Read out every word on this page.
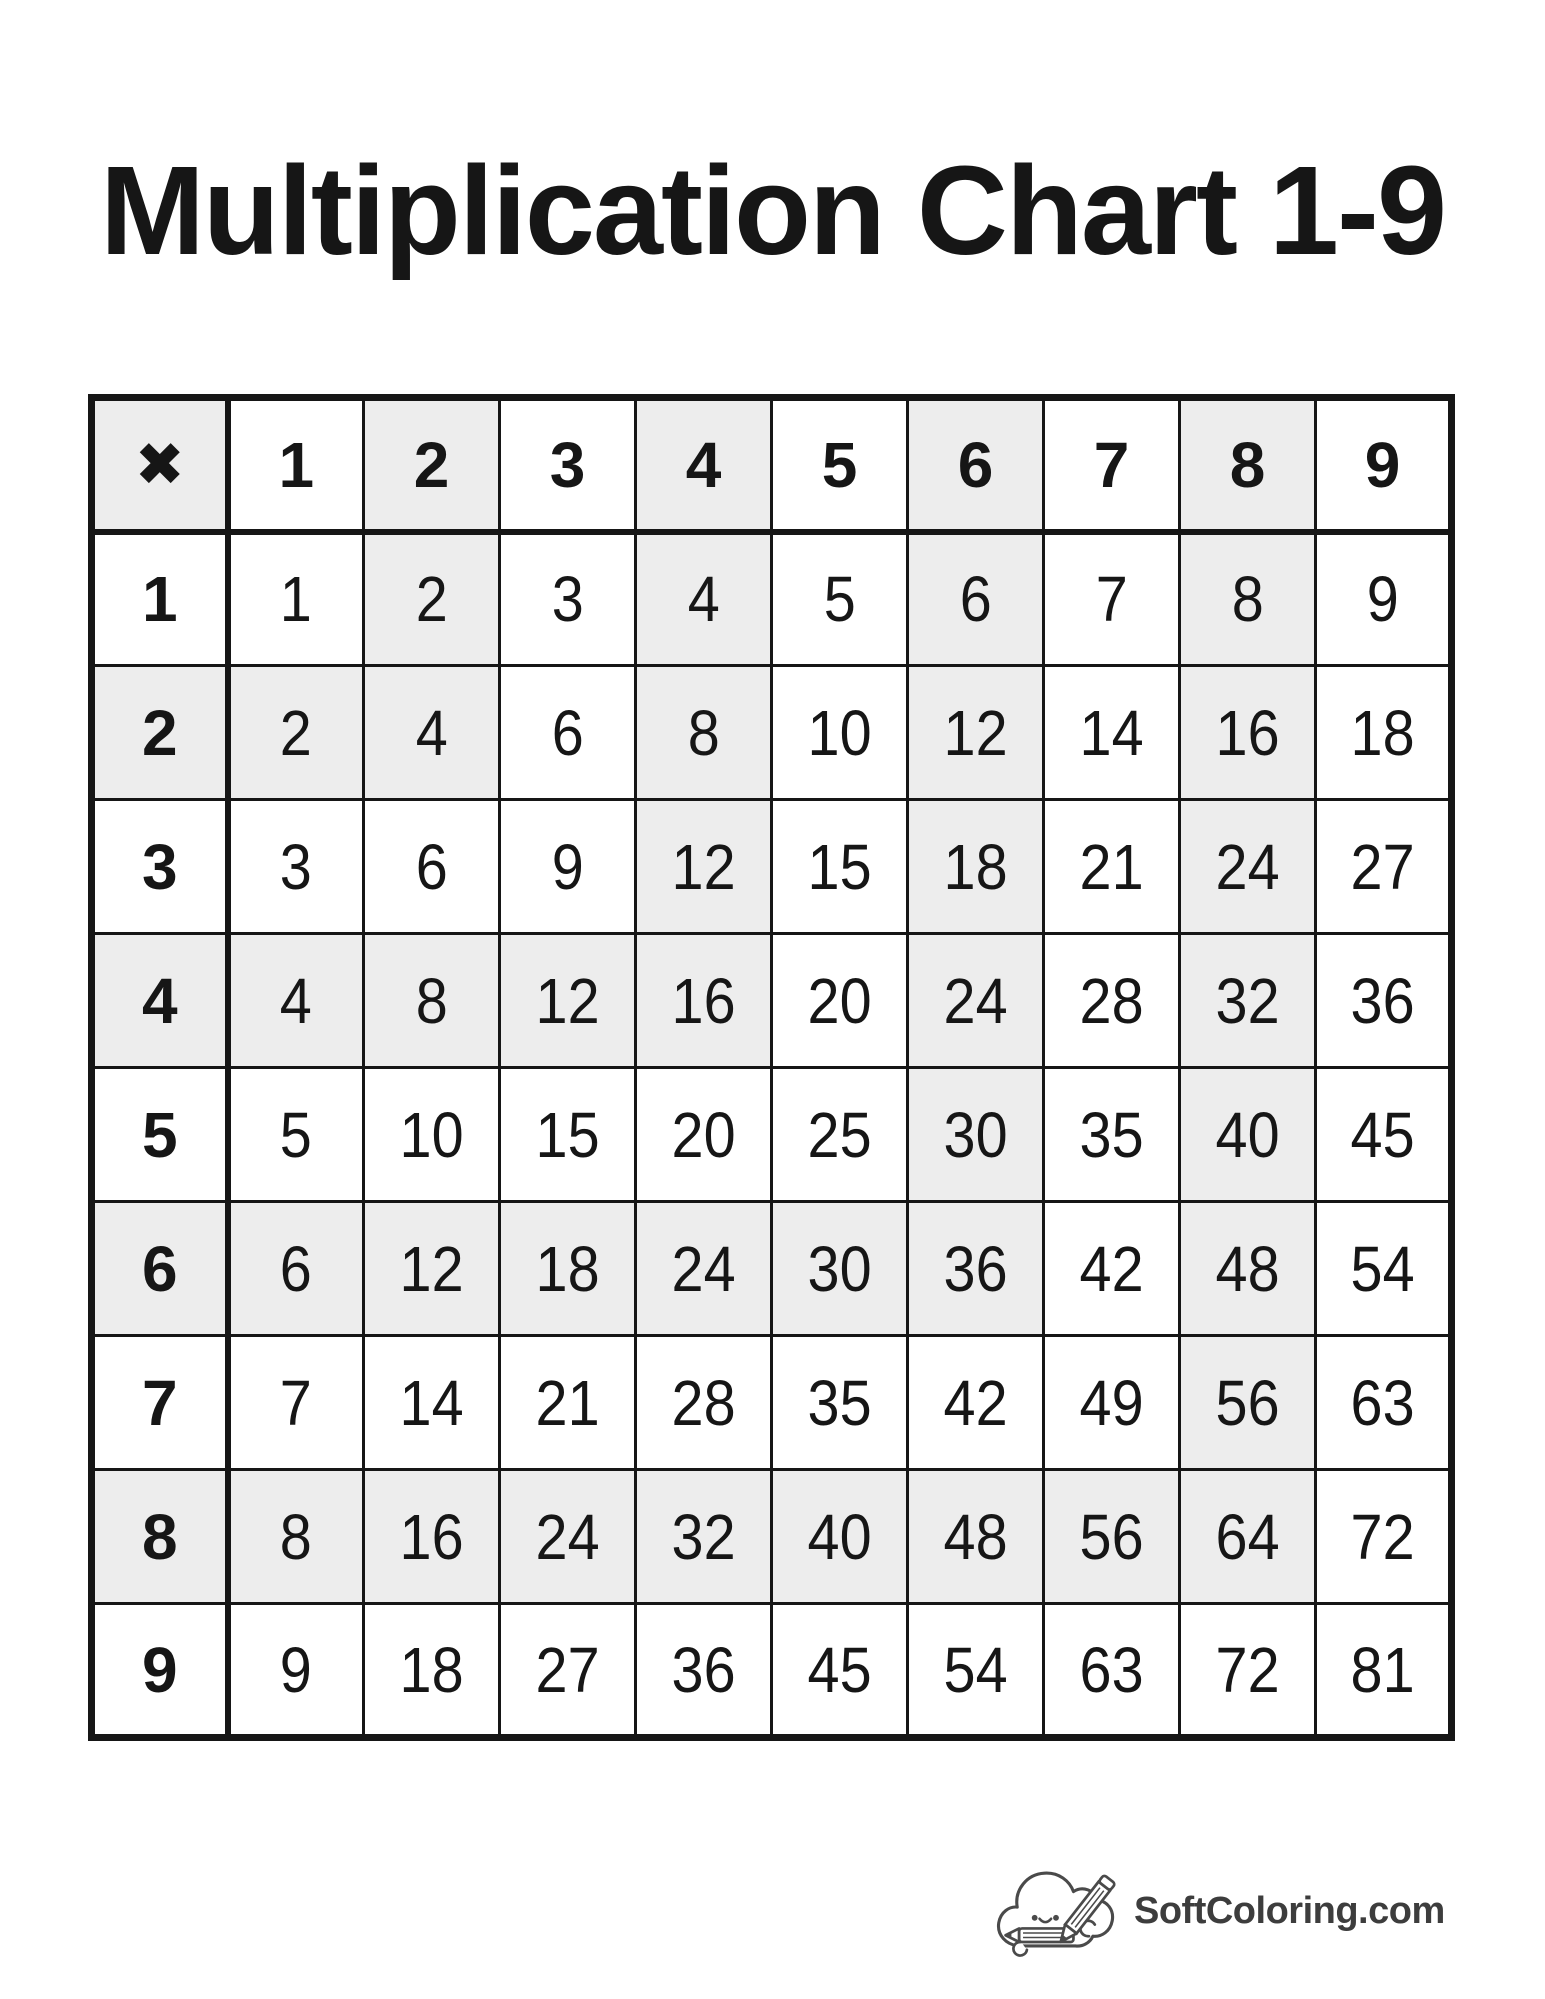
Multiplication Chart 1-9
✖	1	2	3	4	5	6	7	8	9
1	1	2	3	4	5	6	7	8	9
2	2	4	6	8	10	12	14	16	18
3	3	6	9	12	15	18	21	24	27
4	4	8	12	16	20	24	28	32	36
5	5	10	15	20	25	30	35	40	45
6	6	12	18	24	30	36	42	48	54
7	7	14	21	28	35	42	49	56	63
8	8	16	24	32	40	48	56	64	72
9	9	18	27	36	45	54	63	72	81
SoftColoring.com
